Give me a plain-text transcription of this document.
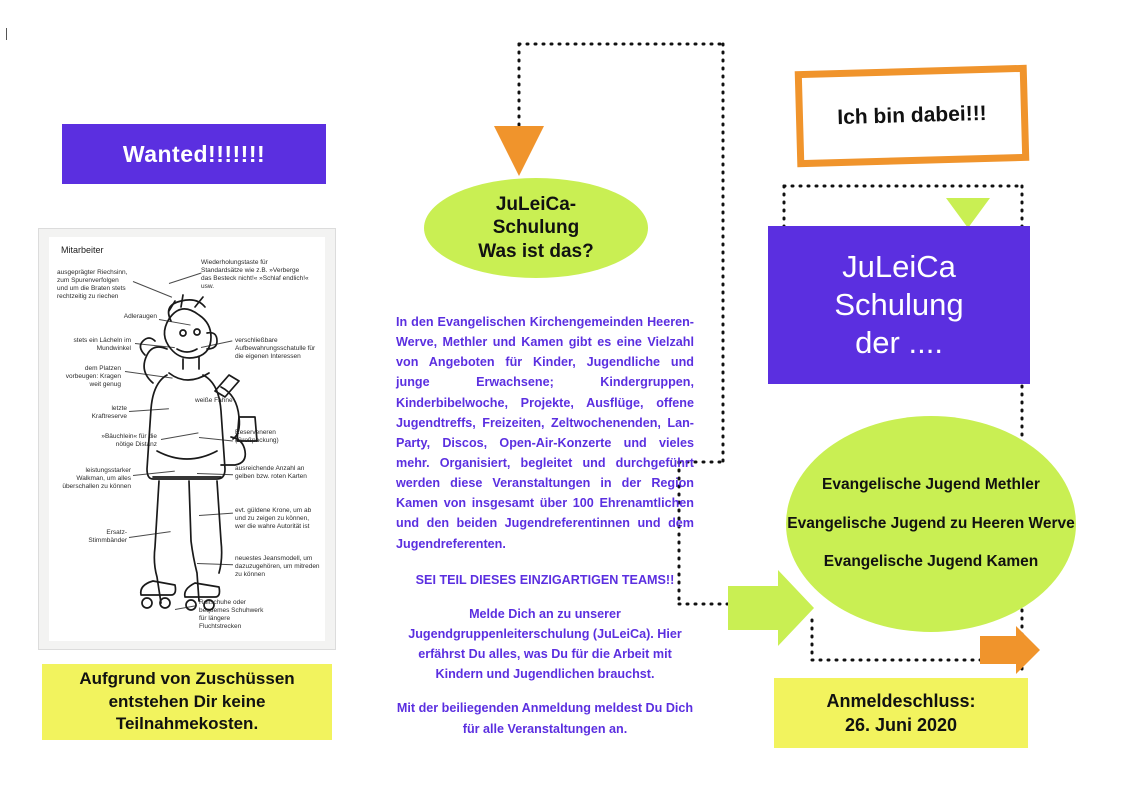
Wanted!!!!!!!
Mitarbeiter
ausgeprägter Riechsinn, zum Spurenverfolgen und um die Braten stets rechtzeitig zu riechen
Wiederholungstaste für Standardsätze wie z.B. »Verberge das Besteck nicht!« »Schlaf endlich!« usw.
Adleraugen
stets ein Lächeln im Mundwinkel
verschließbare Aufbewahrungsschatulle für die eigenen Interessen
dem Platzen vorbeugen: Kragen weit genug
letzte Kraftreserve
weiße Fahne
»Bäuchlein« für die nötige Distanz
Reserveneren (Großpackung)
leistungsstarker Walkman, um alles überschallen zu können
ausreichende Anzahl an gelben bzw. roten Karten
evt. güldene Krone, um ab und zu zeigen zu können, wer die wahre Autorität ist
Ersatz-Stimmbänder
neuestes Jeansmodell, um dazuzugehören, um mitreden zu können
Rollschuhe oder bequemes Schuhwerk für längere Fluchtstrecken
Aufgrund von Zuschüssen entstehen Dir keine Teilnahmekosten.
JuLeiCa-
Schulung
Was ist das?

In den Evangelischen Kirchengemeinden Heeren-Werve, Methler und Kamen gibt es eine Vielzahl von Angeboten für Kinder, Jugendliche und junge Erwachsene; Kindergruppen, Kinderbibelwoche, Projekte, Ausflüge, offene Jugendtreffs, Freizeiten, Zeltwochenenden, Lan-Party, Discos, Open-Air-Konzerte und vieles mehr. Organisiert, begleitet und durchgeführt werden diese Veranstaltungen in der Region Kamen von insgesamt über 100 Ehrenamtlichen und den beiden Jugendreferentinnen und dem Jugendreferenten.

SEI TEIL DIESES EINZIGARTIGEN TEAMS!!

Melde Dich an zu unserer Jugendgruppenleiterschulung (JuLeiCa). Hier erfährst Du alles, was Du für die Arbeit mit Kindern und Jugendlichen brauchst.

Mit der beiliegenden Anmeldung meldest Du Dich für alle Veranstaltungen an.

Ich bin dabei!!!
JuLeiCa
Schulung
der ....
Evangelische Jugend Methler
Evangelische Jugend zu Heeren Werve
Evangelische Jugend Kamen
Anmeldeschluss:
26. Juni 2020
